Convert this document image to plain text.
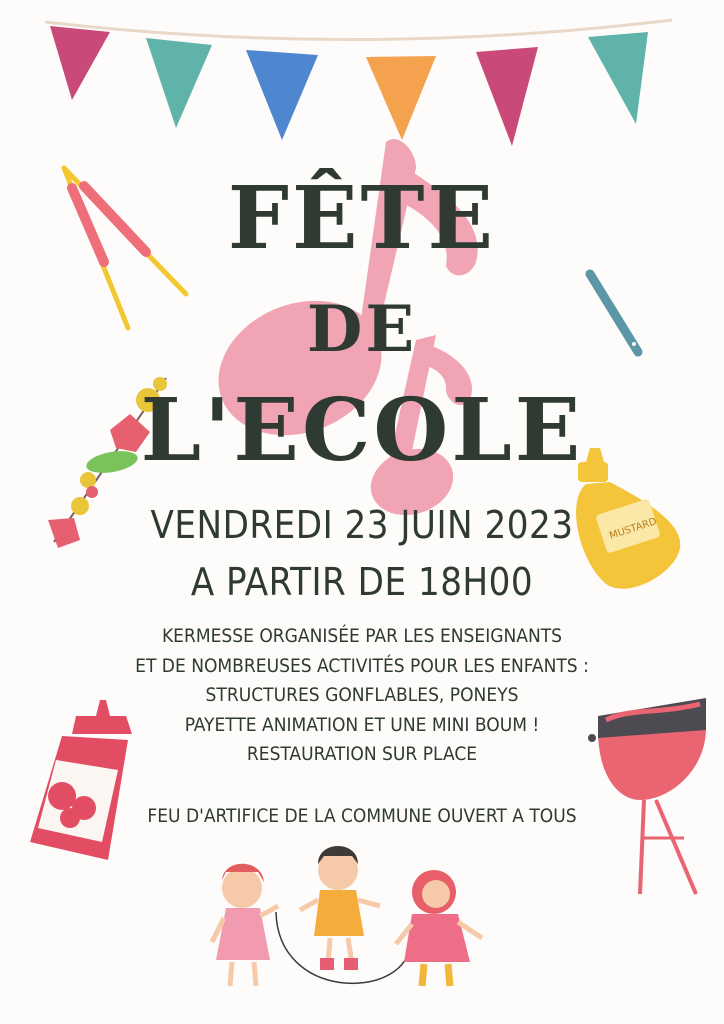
MUSTARD
FÊTE
DE
L'ECOLE
VENDREDI 23 JUIN 2023
A PARTIR DE 18H00
KERMESSE ORGANISÉE PAR LES ENSEIGNANTS
ET DE NOMBREUSES ACTIVITÉS POUR LES ENFANTS :
STRUCTURES GONFLABLES, PONEYS
PAYETTE ANIMATION ET UNE MINI BOUM !
RESTAURATION SUR PLACE
FEU D'ARTIFICE DE LA COMMUNE OUVERT A TOUS
